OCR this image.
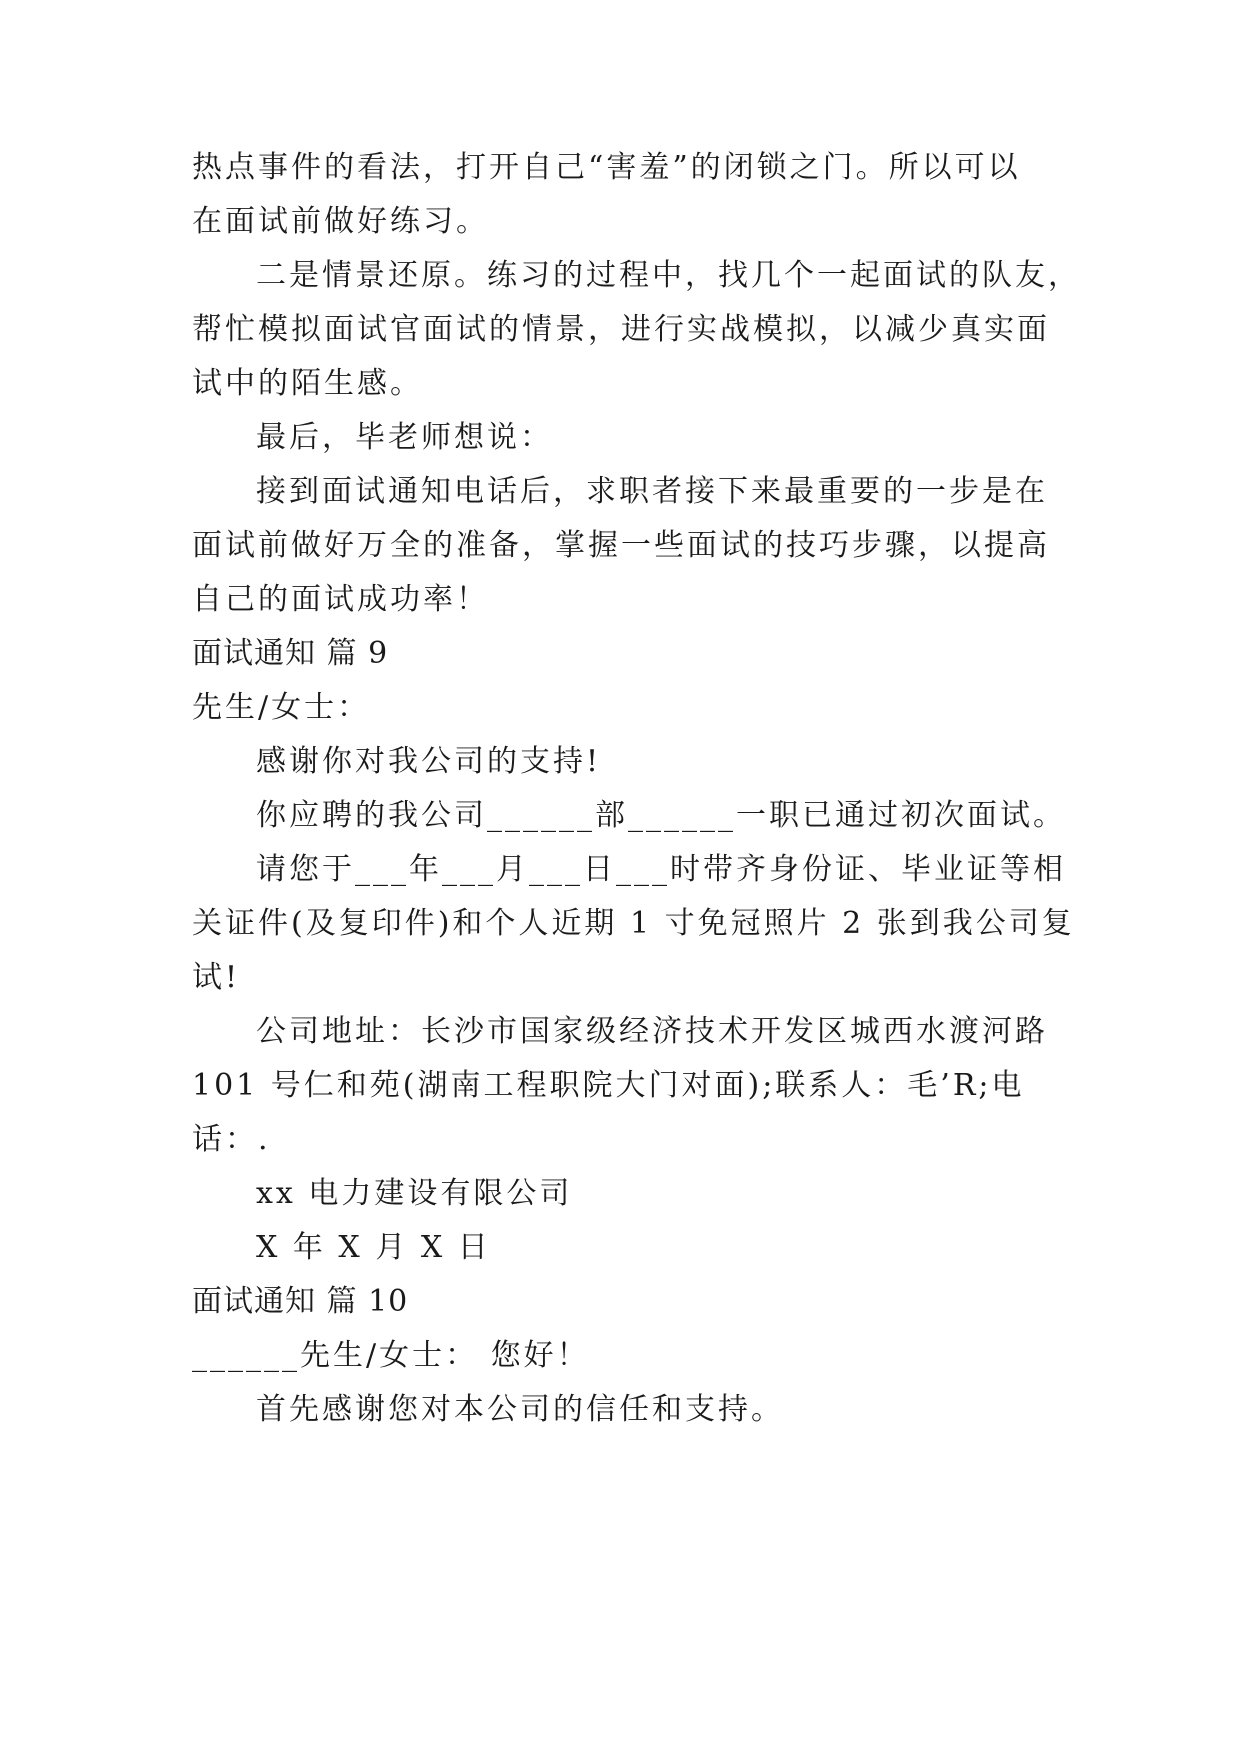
热点事件的看法，打开自己“害羞”的闭锁之门。所以可以
在面试前做好练习。
二是情景还原。练习的过程中，找几个一起面试的队友，
帮忙模拟面试官面试的情景，进行实战模拟，以减少真实面
试中的陌生感。
最后，毕老师想说：
接到面试通知电话后，求职者接下来最重要的一步是在
面试前做好万全的准备，掌握一些面试的技巧步骤，以提高
自己的面试成功率！
面试通知 篇 9
先生/女士：
感谢你对我公司的支持!
你应聘的我公司______部______一职已通过初次面试。
请您于___年___月___日___时带齐身份证、毕业证等相
关证件(及复印件)和个人近期 1 寸免冠照片 2 张到我公司复
试!
公司地址：长沙市国家级经济技术开发区城西水渡河路
101 号仁和苑(湖南工程职院大门对面);联系人：毛’R;电
话：.
xx 电力建设有限公司
X 年 X 月 X 日
面试通知 篇 10
______先生/女士： 您好！
首先感谢您对本公司的信任和支持。
